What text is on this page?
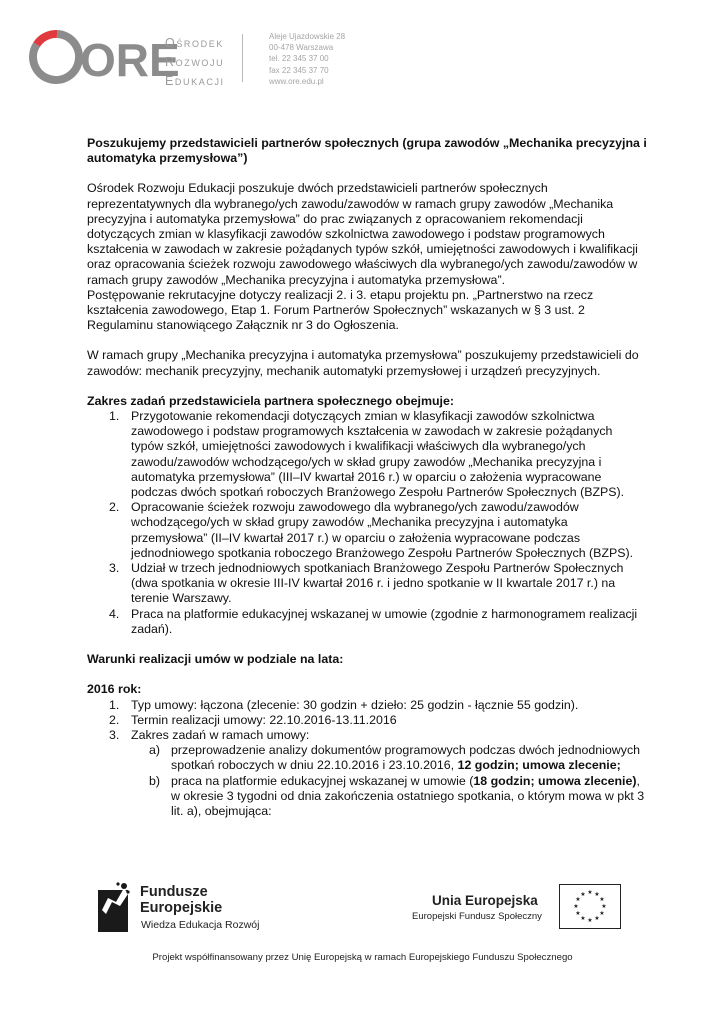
ORE
Ośrodek
Rozwoju
Edukacji
Aleje Ujazdowskie 28
00-478 Warszawa
tel. 22 345 37 00
fax 22 345 37 70
www.ore.edu.pl

Poszukujemy przedstawicieli partnerów społecznych (grupa zawodów „Mechanika precyzyjna i automatyka przemysłowa”)

Ośrodek Rozwoju Edukacji poszukuje dwóch przedstawicieli partnerów społecznych reprezentatywnych dla wybranego/ych zawodu/zawodów w ramach grupy zawodów „Mechanika precyzyjna i automatyka przemysłowa” do prac związanych z opracowaniem rekomendacji dotyczących zmian w klasyfikacji zawodów szkolnictwa zawodowego i podstaw programowych kształcenia w zawodach w zakresie pożądanych typów szkół, umiejętności zawodowych i kwalifikacji oraz opracowania ścieżek rozwoju zawodowego właściwych dla wybranego/ych zawodu/zawodów w ramach grupy zawodów „Mechanika precyzyjna i automatyka przemysłowa”.

Postępowanie rekrutacyjne dotyczy realizacji 2. i 3. etapu projektu pn. „Partnerstwo na rzecz kształcenia zawodowego, Etap 1. Forum Partnerów Społecznych” wskazanych w § 3 ust. 2 Regulaminu stanowiącego Załącznik nr 3 do Ogłoszenia.

W ramach grupy „Mechanika precyzyjna i automatyka przemysłowa” poszukujemy przedstawicieli do zawodów: mechanik precyzyjny, mechanik automatyki przemysłowej i urządzeń precyzyjnych.

Zakres zadań przedstawiciela partnera społecznego obejmuje:

1. Przygotowanie rekomendacji dotyczących zmian w klasyfikacji zawodów szkolnictwa zawodowego i podstaw programowych kształcenia w zawodach w zakresie pożądanych typów szkół, umiejętności zawodowych i kwalifikacji właściwych dla wybranego/ych zawodu/zawodów wchodzącego/ych w skład grupy zawodów „Mechanika precyzyjna i automatyka przemysłowa” (III–IV kwartał 2016 r.) w oparciu o założenia wypracowane podczas dwóch spotkań roboczych Branżowego Zespołu Partnerów Społecznych (BZPS).
2. Opracowanie ścieżek rozwoju zawodowego dla wybranego/ych zawodu/zawodów wchodzącego/ych w skład grupy zawodów „Mechanika precyzyjna i automatyka przemysłowa” (II–IV kwartał 2017 r.) w oparciu o założenia wypracowane podczas jednodniowego spotkania roboczego Branżowego Zespołu Partnerów Społecznych (BZPS).
3. Udział w trzech jednodniowych spotkaniach Branżowego Zespołu Partnerów Społecznych (dwa spotkania w okresie III-IV kwartał 2016 r. i jedno spotkanie w II kwartale 2017 r.) na terenie Warszawy.
4. Praca na platformie edukacyjnej wskazanej w umowie (zgodnie z harmonogramem realizacji zadań).

Warunki realizacji umów w podziale na lata:

2016 rok:

1. Typ umowy: łączona (zlecenie: 30 godzin + dzieło: 25 godzin - łącznie 55 godzin).
2. Termin realizacji umowy: 22.10.2016-13.11.2016
3. Zakres zadań w ramach umowy:
a) przeprowadzenie analizy dokumentów programowych podczas dwóch jednodniowych spotkań roboczych w dniu 22.10.2016 i 23.10.2016, 12 godzin; umowa zlecenie;
b) praca na platformie edukacyjnej wskazanej w umowie (18 godzin; umowa zlecenie), w okresie 3 tygodni od dnia zakończenia ostatniego spotkania, o którym mowa w pkt 3 lit. a), obejmująca:
Fundusze
Europejskie
Wiedza Edukacja Rozwój
Unia Europejska
Europejski Fundusz Społeczny
★ ★
★
★
★
★
★
★
★
★
★
★
Projekt współfinansowany przez Unię Europejską w ramach Europejskiego Funduszu Społecznego
